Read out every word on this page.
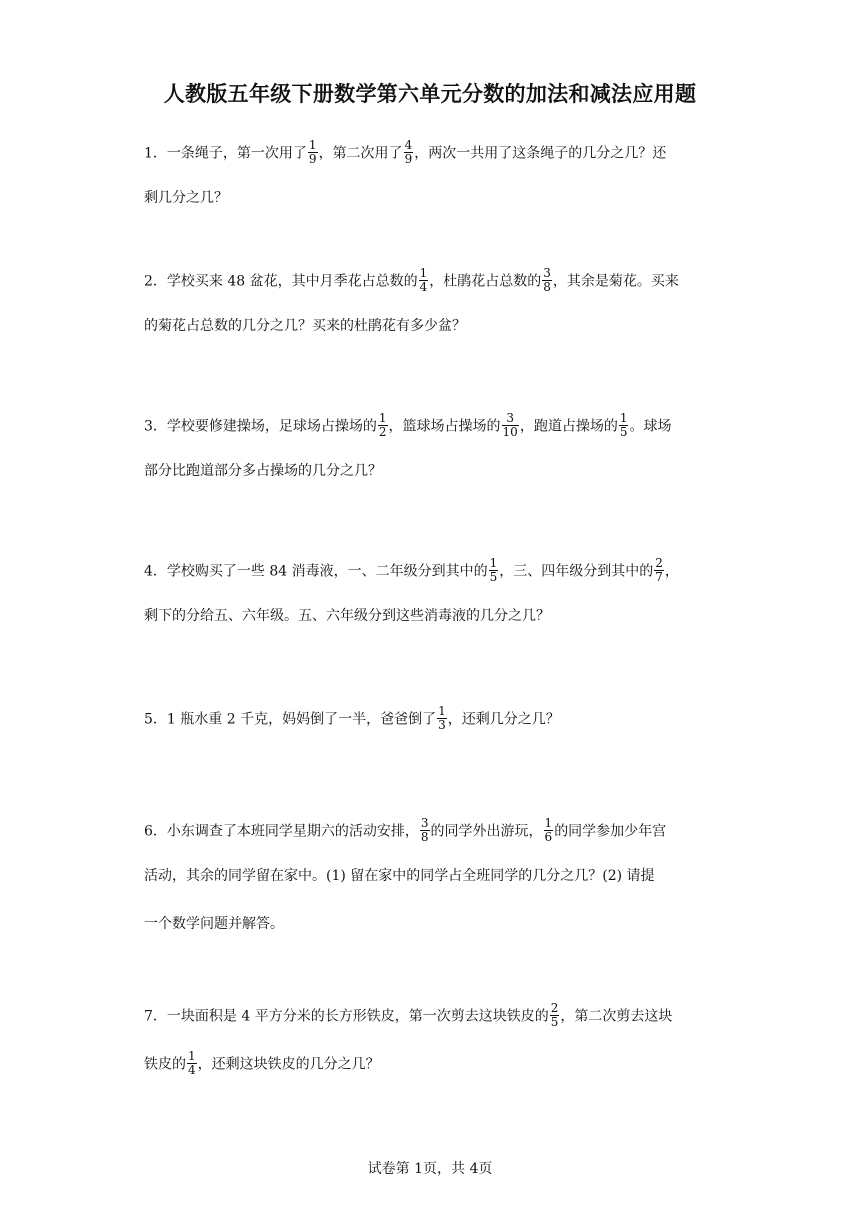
人教版五年级下册数学第六单元分数的加法和减法应用题
1．一条绳子，第一次用了 $\frac{1}{9}$ ，第二次用了 $\frac{4}{9}$ ，两次一共用了这条绳子的几分之几？还
剩几分之几？
2．学校买来 48 盆花，其中月季花占总数的 $\frac{1}{4}$ ，杜鹃花占总数的 $\frac{3}{8}$ ，其余是菊花。买来
的菊花占总数的几分之几？买来的杜鹃花有多少盆？
3．学校要修建操场，足球场占操场的 $\frac{1}{2}$ ，篮球场占操场的 $\frac{3}{10}$ ，跑道占操场的 $\frac{1}{5}$ 。球场
部分比跑道部分多占操场的几分之几？
4．学校购买了一些 84 消毒液，一、二年级分到其中的 $\frac{1}{5}$ ，三、四年级分到其中的 $\frac{2}{7}$ ，
剩下的分给五、六年级。五、六年级分到这些消毒液的几分之几？
5．1 瓶水重 2 千克，妈妈倒了一半，爸爸倒了 $\frac{1}{3}$ ，还剩几分之几？
6．小东调查了本班同学星期六的活动安排， $\frac{3}{8}$ 的同学外出游玩， $\frac{1}{6}$ 的同学参加少年宫
活动，其余的同学留在家中。(1) 留在家中的同学占全班同学的几分之几？(2) 请提
一个数学问题并解答。
7．一块面积是 4 平方分米的长方形铁皮，第一次剪去这块铁皮的 $\frac{2}{5}$ ，第二次剪去这块
铁皮的 $\frac{1}{4}$ ，还剩这块铁皮的几分之几？
试卷第 1页，共 4页
